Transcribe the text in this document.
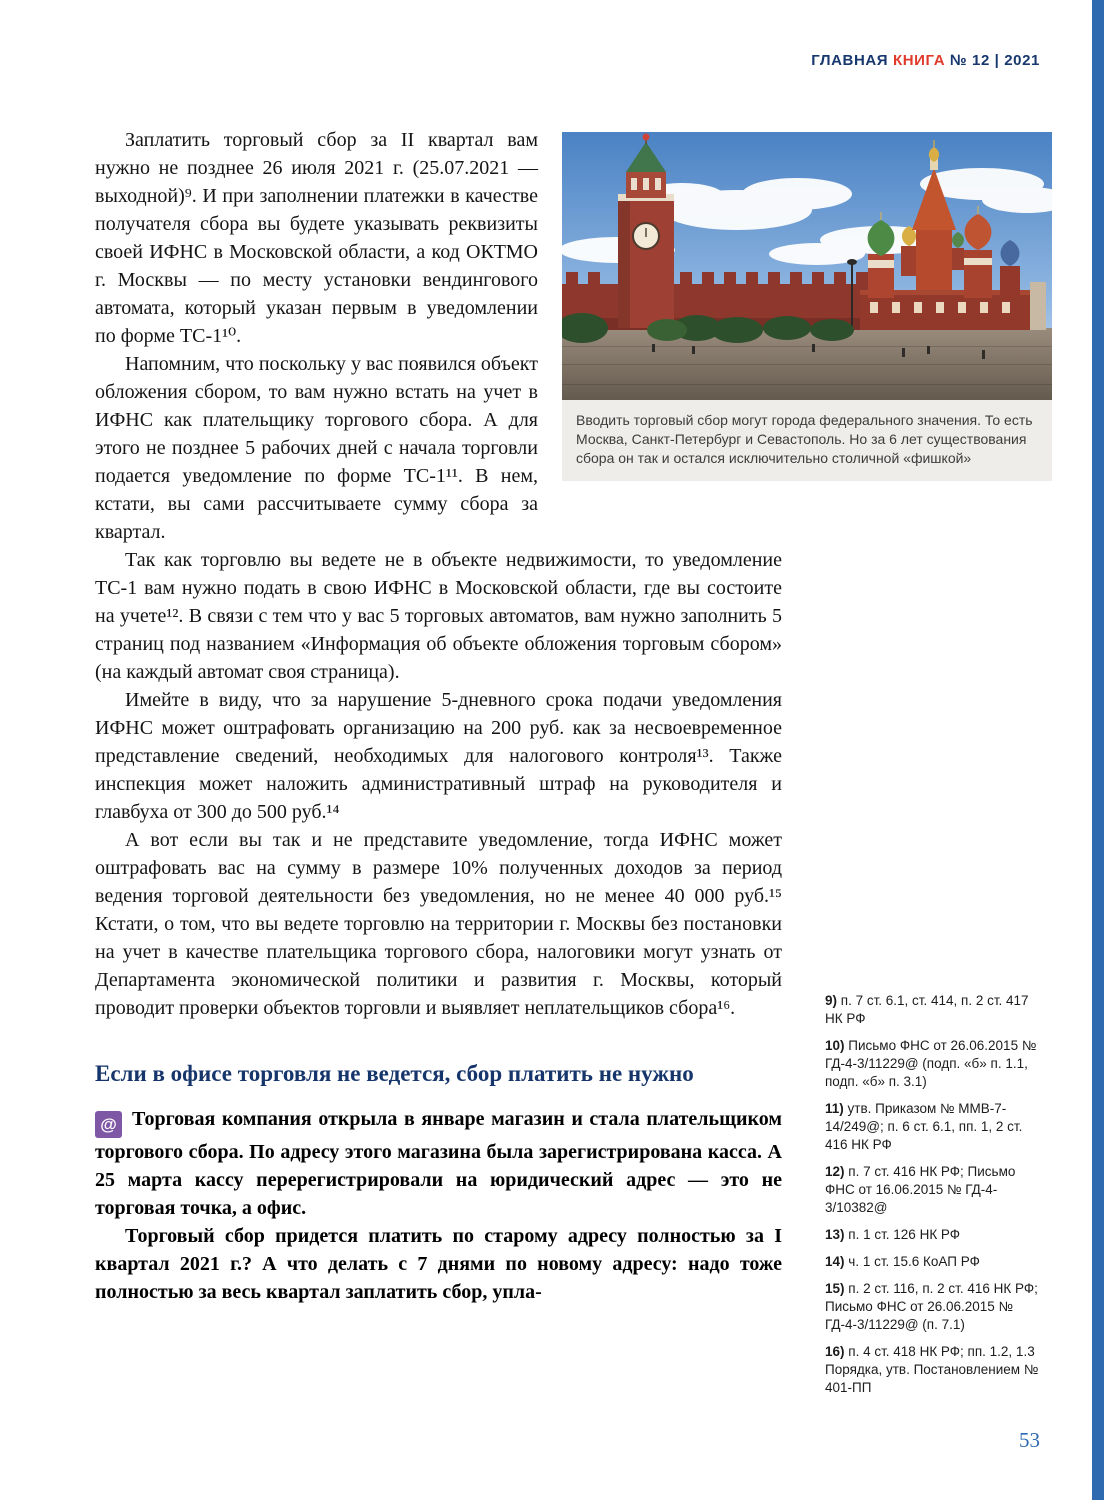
ГЛАВНАЯ КНИГА № 12 | 2021
Вводить торговый сбор могут города федерального значения. То есть Москва, Санкт-Петербург и Севастополь. Но за 6 лет существования сбора он так и остался исключительно столичной «фишкой»

Заплатить торговый сбор за II квартал вам нужно не позднее 26 июля 2021 г. (25.07.2021 — выходной)⁹. И при заполнении платежки в качестве получателя сбора вы будете указывать реквизиты своей ИФНС в Московской области, а код ОКТМО г. Москвы — по месту установки вендингового автомата, который указан первым в уведомлении по форме ТС-1¹⁰.

Напомним, что поскольку у вас появился объект обложения сбором, то вам нужно встать на учет в ИФНС как плательщику торгового сбора. А для этого не позднее 5 рабочих дней с начала торговли подается уведомление по форме ТС-1¹¹. В нем, кстати, вы сами рассчитываете сумму сбора за квартал.

Так как торговлю вы ведете не в объекте недвижимости, то уведомление ТС-1 вам нужно подать в свою ИФНС в Московской области, где вы состоите на учете¹². В связи с тем что у вас 5 торговых автоматов, вам нужно заполнить 5 страниц под названием «Информация об объекте обложения торговым сбором» (на каждый автомат своя страница).

Имейте в виду, что за нарушение 5-дневного срока подачи уведомления ИФНС может оштрафовать организацию на 200 руб. как за несвоевременное представление сведений, необходимых для налогового контроля¹³. Также инспекция может наложить административный штраф на руководителя и главбуха от 300 до 500 руб.¹⁴

А вот если вы так и не представите уведомление, тогда ИФНС может оштрафовать вас на сумму в размере 10% полученных доходов за период ведения торговой деятельности без уведомления, но не менее 40 000 руб.¹⁵ Кстати, о том, что вы ведете торговлю на территории г. Москвы без постановки на учет в качестве плательщика торгового сбора, налоговики могут узнать от Департамента экономической политики и развития г. Москвы, который проводит проверки объектов торговли и выявляет неплательщиков сбора¹⁶.

Если в офисе торговля не ведется, сбор платить не нужно

@ Торговая компания открыла в январе магазин и стала плательщиком торгового сбора. По адресу этого магазина была зарегистрирована касса. А 25 марта кассу перерегистрировали на юридический адрес — это не торговая точка, а офис.

Торговый сбор придется платить по старому адресу полностью за I квартал 2021 г.? А что делать с 7 днями по новому адресу: надо тоже полностью за весь квартал заплатить сбор, упла-

9) п. 7 ст. 6.1, ст. 414, п. 2 ст. 417 НК РФ
10) Письмо ФНС от 26.06.2015 № ГД-4-3/11229@ (подп. «б» п. 1.1, подп. «б» п. 3.1)
11) утв. Приказом № ММВ-7-14/249@; п. 6 ст. 6.1, пп. 1, 2 ст. 416 НК РФ
12) п. 7 ст. 416 НК РФ; Письмо ФНС от 16.06.2015 № ГД-4-3/10382@
13) п. 1 ст. 126 НК РФ
14) ч. 1 ст. 15.6 КоАП РФ
15) п. 2 ст. 116, п. 2 ст. 416 НК РФ; Письмо ФНС от 26.06.2015 № ГД-4-3/11229@ (п. 7.1)
16) п. 4 ст. 418 НК РФ; пп. 1.2, 1.3 Порядка, утв. Постановлением № 401-ПП
53
